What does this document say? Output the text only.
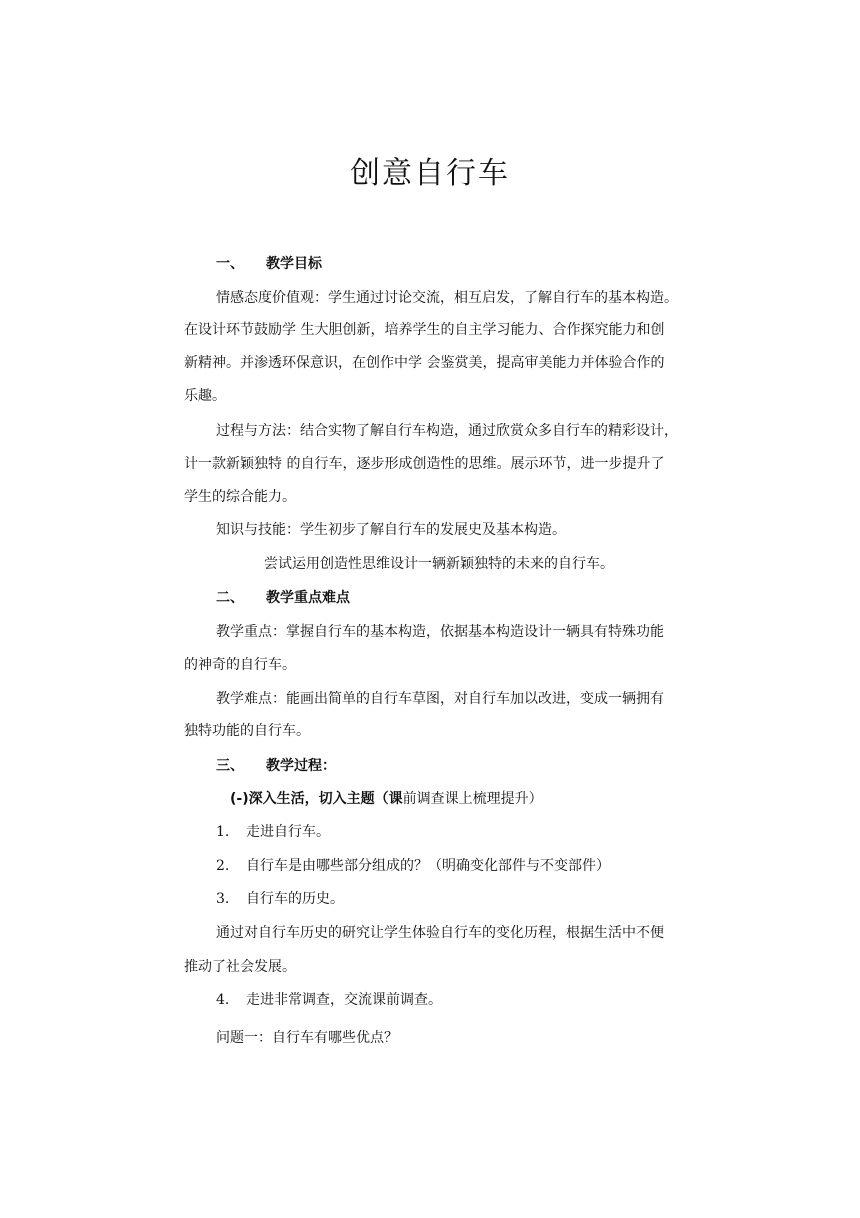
创意自行车
一、 教学目标
情感态度价值观：学生通过讨论交流，相互启发，了解自行车的基本构造。
在设计环节鼓励学 生大胆创新，培养学生的自主学习能力、合作探究能力和创
新精神。并渗透环保意识，在创作中学 会鉴赏美，提高审美能力并体验合作的
乐趣。
过程与方法：结合实物了解自行车构造，通过欣赏众多自行车的精彩设计，
计一款新颖独特 的自行车，逐步形成创造性的思维。展示环节，进一步提升了
学生的综合能力。
知识与技能：学生初步了解自行车的发展史及基本构造。
尝试运用创造性思维设计一辆新颖独特的未来的自行车。
二、 教学重点难点
教学重点：掌握自行车的基本构造，依据基本构造设计一辆具有特殊功能
的神奇的自行车。
教学难点：能画出简单的自行车草图，对自行车加以改进，变成一辆拥有
独特功能的自行车。
三、 教学过程：
(-)深入生活，切入主题（课前调查课上梳理提升）
1. 走进自行车。
2. 自行车是由哪些部分组成的？（明确变化部件与不变部件）
3. 自行车的历史。
通过对自行车历史的研究让学生体验自行车的变化历程，根据生活中不便
推动了社会发展。
4. 走进非常调查，交流课前调查。
问题一：自行车有哪些优点？
